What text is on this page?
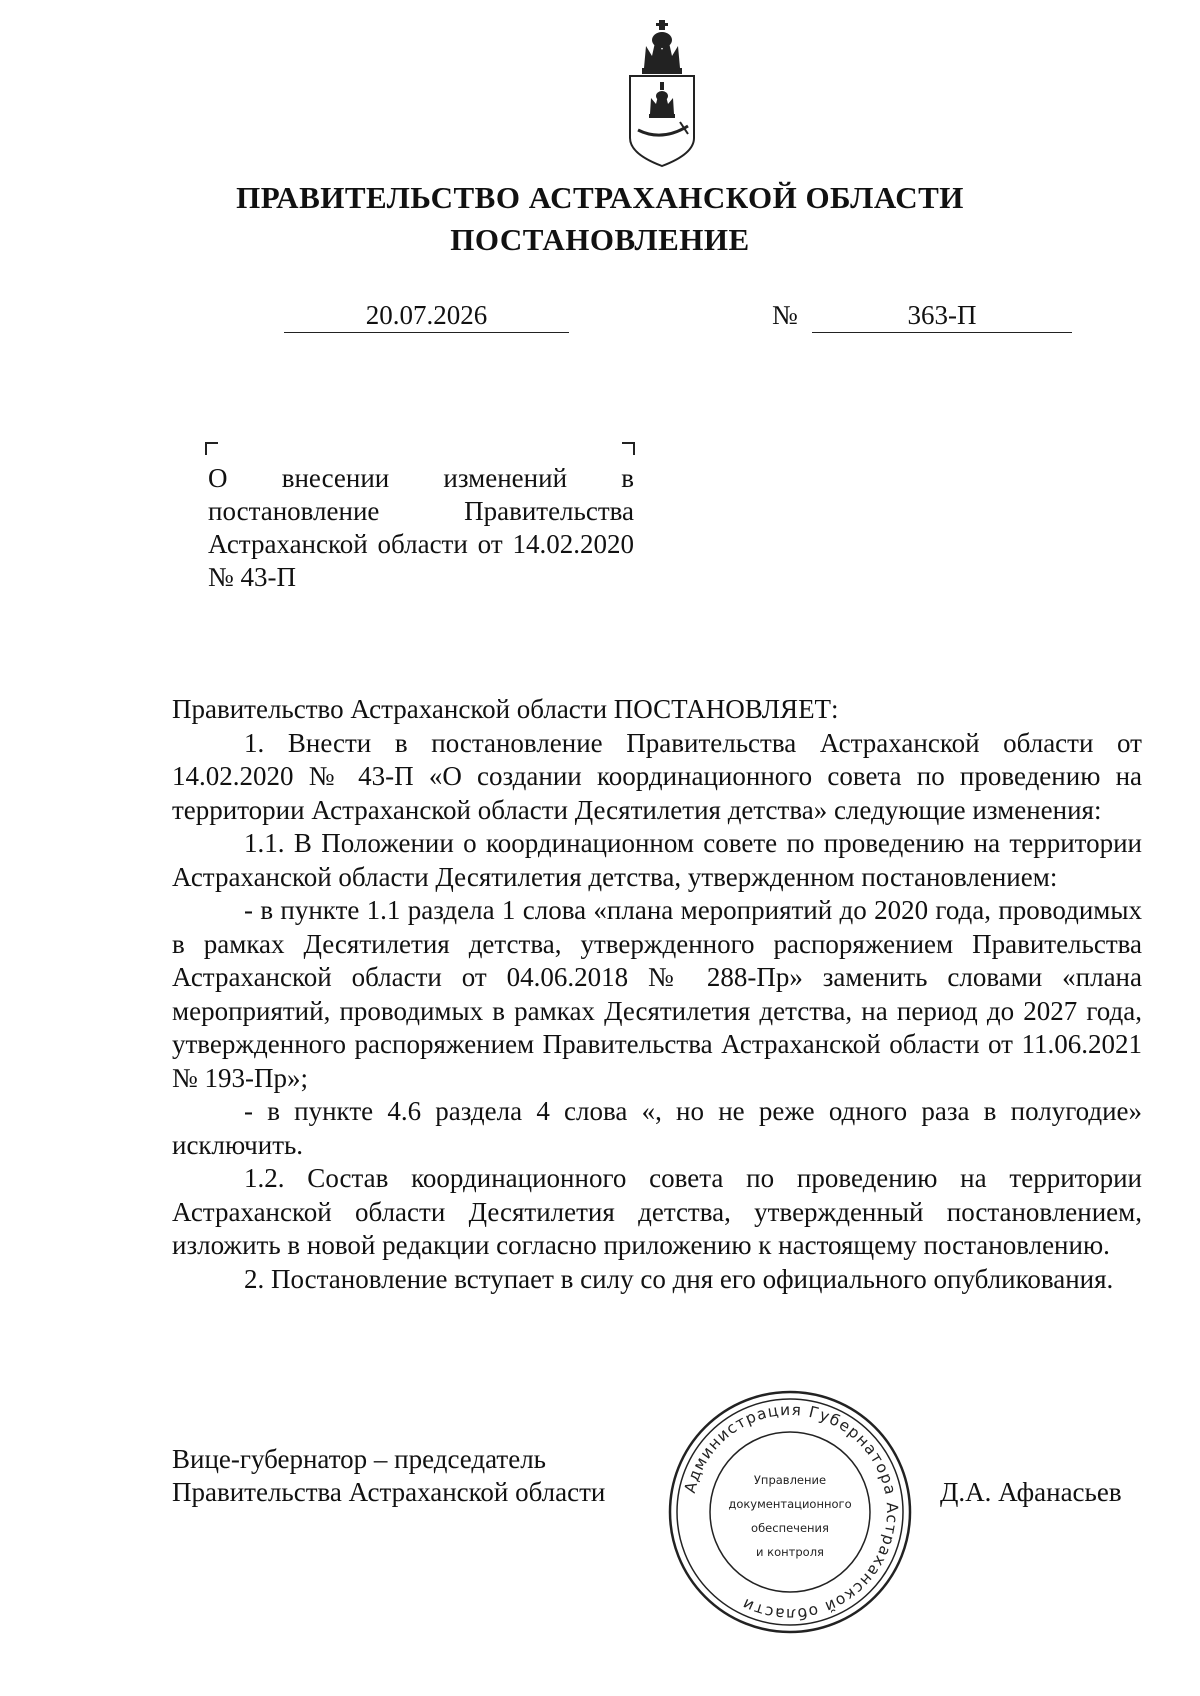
ПРАВИТЕЛЬСТВО АСТРАХАНСКОЙ ОБЛАСТИ
ПОСТАНОВЛЕНИЕ
20.07.2026	№	363-П
О внесении изменений в постановление Правительства Астраханской области от 14.02.2020 № 43-П

Правительство Астраханской области ПОСТАНОВЛЯЕТ:

1. Внести в постановление Правительства Астраханской области от 14.02.2020 № 43-П «О создании координационного совета по проведению на территории Астраханской области Десятилетия детства» следующие изменения:

1.1. В Положении о координационном совете по проведению на территории Астраханской области Десятилетия детства, утвержденном постановлением:

- в пункте 1.1 раздела 1 слова «плана мероприятий до 2020 года, проводимых в рамках Десятилетия детства, утвержденного распоряжением Правительства Астраханской области от 04.06.2018 № 288-Пр» заменить словами «плана мероприятий, проводимых в рамках Десятилетия детства, на период до 2027 года, утвержденного распоряжением Правительства Астраханской области от 11.06.2021 № 193-Пр»;

- в пункте 4.6 раздела 4 слова «, но не реже одного раза в полугодие» исключить.

1.2. Состав координационного совета по проведению на территории Астраханской области Десятилетия детства, утвержденный постановлением, изложить в новой редакции согласно приложению к настоящему постановлению.

2. Постановление вступает в силу со дня его официального опубликования.

Вице-губернатор – председатель
Правительства Астраханской области	Администрация Губернатора Астраханской области
Управление
документационного
обеспечения
и контроля
Д.А. Афанасьев
